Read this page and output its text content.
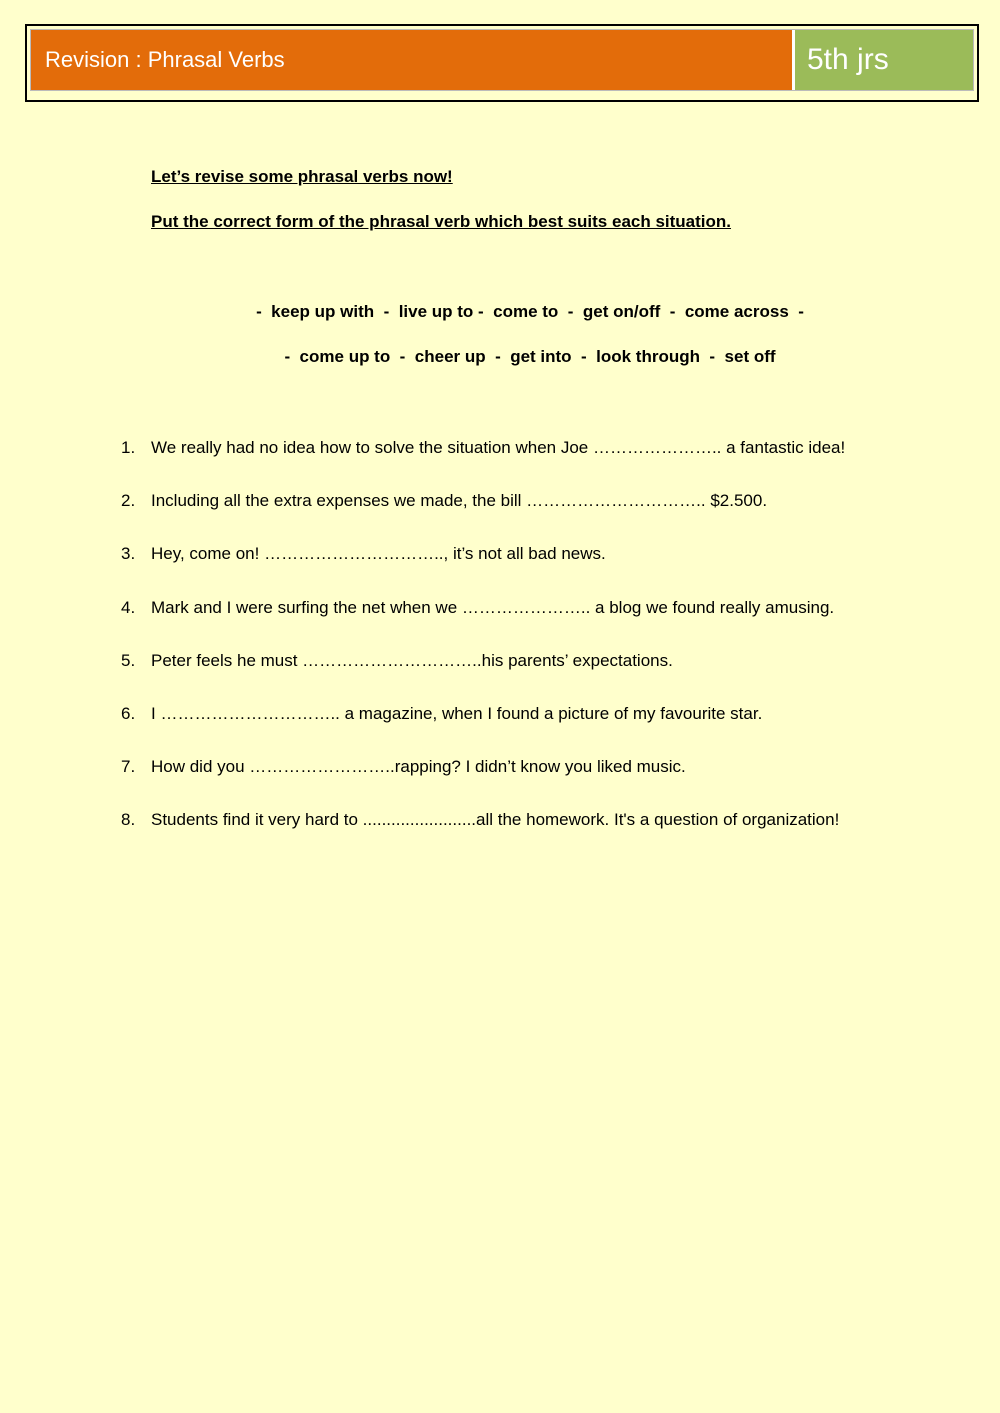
Revision : Phrasal Verbs	5th jrs

Let’s revise some phrasal verbs now!

Put the correct form of the phrasal verb which best suits each situation.

-  keep up with  -  live up to -  come to  -  get on/off  -  come across  -
-  come up to  -  cheer up  -  get into  -  look through  -  set off
1. We really had no idea how to solve the situation when Joe ………………….. a fantastic idea!
2. Including all the extra expenses we made, the bill ………………………….. $2.500.
3. Hey, come on! ………………………….., it’s not all bad news.
4. Mark and I were surfing the net when we ………………….. a blog we found really amusing.
5. Peter feels he must …………………………..his parents’ expectations.
6. I ………………………….. a magazine, when I found a picture of my favourite star.
7. How did you ……………………..rapping? I didn’t know you liked music.
8. Students find it very hard to ........................all the homework. It's a question of organization!
